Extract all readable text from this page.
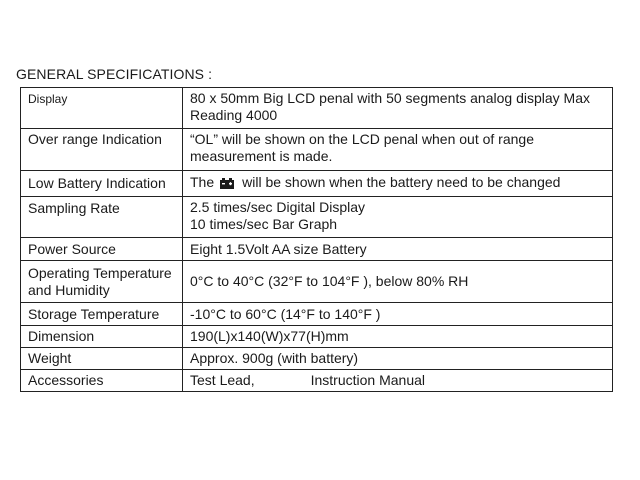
GENERAL SPECIFICATIONS :
Display	80 x 50mm Big LCD penal with 50 segments analog display Max Reading 4000
Over range Indication	“OL” will be shown on the LCD penal when out of range measurement is made.
Low Battery Indication	The will be shown when the battery need to be changed
Sampling Rate	2.5 times/sec Digital Display
10 times/sec Bar Graph

Power Source	Eight 1.5Volt AA size Battery
Operating Temperature and Humidity	0°C to 40°C (32°F to 104°F ), below 80% RH
Storage Temperature	-10°C to 60°C (14°F to 140°F )
Dimension	190(L)x140(W)x77(H)mm
Weight	Approx. 900g (with battery)
Accessories	Test Lead, Instruction Manual
